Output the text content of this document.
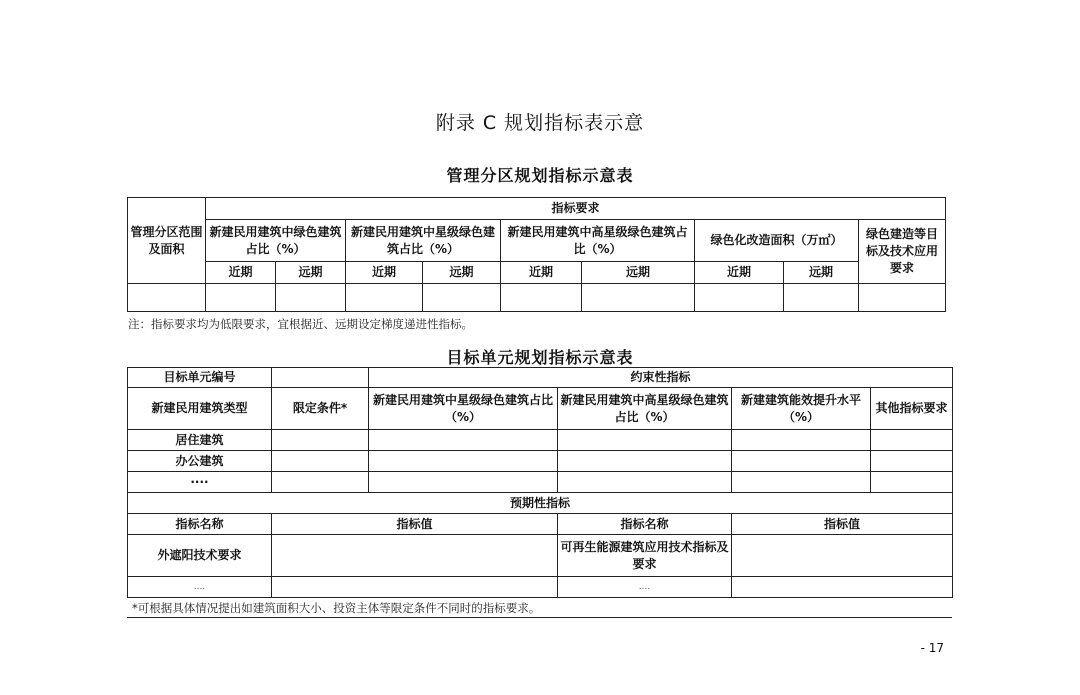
附录 C 规划指标表示意
管理分区规划指标示意表
管理分区范围及面积	指标要求								
	新建民用建筑中绿色建筑占比（%）		新建民用建筑中星级绿色建筑占比（%）		新建民用建筑中高星级绿色建筑占比（%）		绿色化改造面积（万㎡）		绿色建造等目标及技术应用要求
	近期	远期	近期	远期	近期	远期	近期	远期	

注：指标要求均为低限要求，宜根据近、远期设定梯度递进性指标。
目标单元规划指标示意表
目标单元编号		约束性指标			
新建民用建筑类型	限定条件*	新建民用建筑中星级绿色建筑占比（%）	新建民用建筑中高星级绿色建筑占比（%）	新建建筑能效提升水平（%）	其他指标要求
居住建筑					
办公建筑					
····					
预期性指标					
指标名称	指标值		指标名称	指标值	
外遮阳技术要求			可再生能源建筑应用技术指标及要求		
....			....		
*可根据具体情况提出如建筑面积大小、投资主体等限定条件不同时的指标要求。
- 17
